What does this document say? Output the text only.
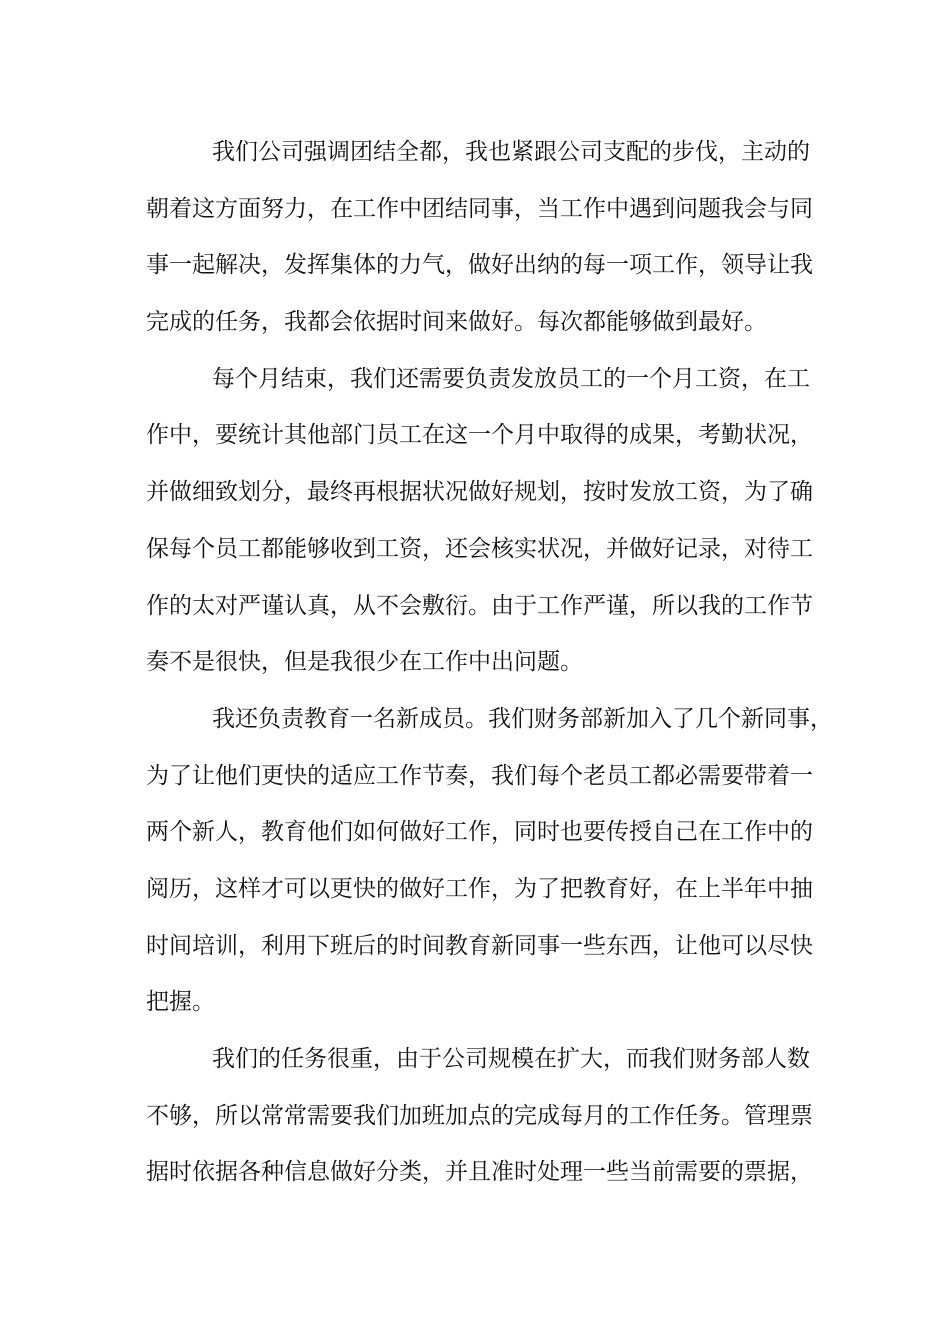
我们公司强调团结全都，我也紧跟公司支配的步伐，主动的
朝着这方面努力，在工作中团结同事，当工作中遇到问题我会与同
事一起解决，发挥集体的力气，做好出纳的每一项工作，领导让我
完成的任务，我都会依据时间来做好。每次都能够做到最好。
每个月结束，我们还需要负责发放员工的一个月工资，在工
作中，要统计其他部门员工在这一个月中取得的成果，考勤状况，
并做细致划分，最终再根据状况做好规划，按时发放工资，为了确
保每个员工都能够收到工资，还会核实状况，并做好记录，对待工
作的太对严谨认真，从不会敷衍。由于工作严谨，所以我的工作节
奏不是很快，但是我很少在工作中出问题。
我还负责教育一名新成员。我们财务部新加入了几个新同事，
为了让他们更快的适应工作节奏，我们每个老员工都必需要带着一
两个新人，教育他们如何做好工作，同时也要传授自己在工作中的
阅历，这样才可以更快的做好工作，为了把教育好，在上半年中抽
时间培训，利用下班后的时间教育新同事一些东西，让他可以尽快
把握。
我们的任务很重，由于公司规模在扩大，而我们财务部人数
不够，所以常常需要我们加班加点的完成每月的工作任务。管理票
据时依据各种信息做好分类，并且准时处理一些当前需要的票据，
